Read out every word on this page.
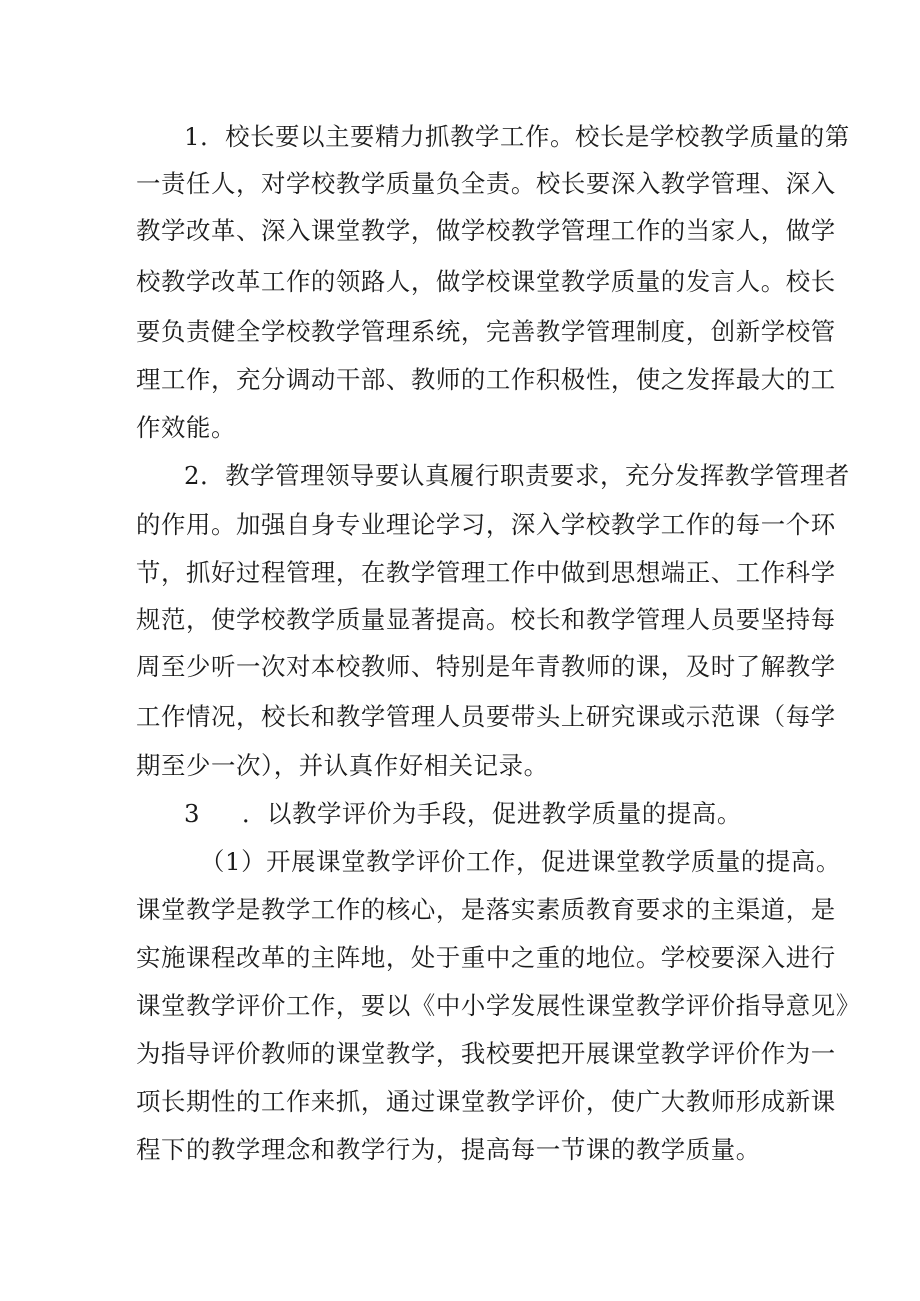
1．校长要以主要精力抓教学工作。校长是学校教学质量的第
一责任人，对学校教学质量负全责。校长要深入教学管理、深入
教学改革、深入课堂教学，做学校教学管理工作的当家人，做学
校教学改革工作的领路人，做学校课堂教学质量的发言人。校长
要负责健全学校教学管理系统，完善教学管理制度，创新学校管
理工作，充分调动干部、教师的工作积极性，使之发挥最大的工
作效能。
2．教学管理领导要认真履行职责要求，充分发挥教学管理者
的作用。加强自身专业理论学习，深入学校教学工作的每一个环
节，抓好过程管理，在教学管理工作中做到思想端正、工作科学
规范，使学校教学质量显著提高。校长和教学管理人员要坚持每
周至少听一次对本校教师、特别是年青教师的课，及时了解教学
工作情况，校长和教学管理人员要带头上研究课或示范课（每学
期至少一次），并认真作好相关记录。
3 ．以教学评价为手段，促进教学质量的提高。
（1）开展课堂教学评价工作，促进课堂教学质量的提高。
课堂教学是教学工作的核心，是落实素质教育要求的主渠道，是
实施课程改革的主阵地，处于重中之重的地位。学校要深入进行
课堂教学评价工作，要以《中小学发展性课堂教学评价指导意见》
为指导评价教师的课堂教学，我校要把开展课堂教学评价作为一
项长期性的工作来抓，通过课堂教学评价，使广大教师形成新课
程下的教学理念和教学行为，提高每一节课的教学质量。
